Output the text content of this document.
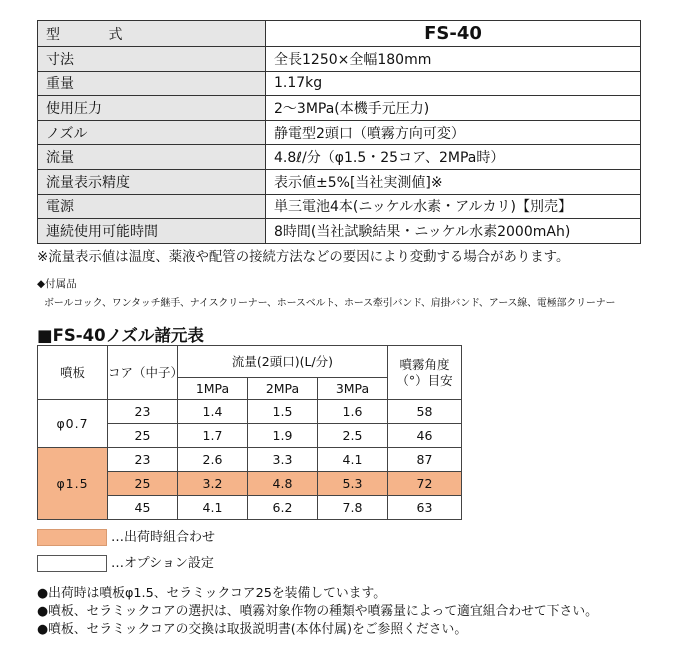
型 式	FS-40
寸法	全長1250×全幅180mm
重量	1.17kg
使用圧力	2～3MPa(本機手元圧力)
ノズル	静電型2頭口（噴霧方向可変）
流量	4.8ℓ/分（φ1.5・25コア、2MPa時）
流量表示精度	表示値±5%[当社実測値]※
電源	単三電池4本(ニッケル水素・アルカリ)【別売】
連続使用可能時間	8時間(当社試験結果・ニッケル水素2000mAh)
※流量表示値は温度、薬液や配管の接続方法などの要因により変動する場合があります。
◆付属品
ボールコック、ワンタッチ継手、ナイスクリーナー、ホースベルト、ホース牽引バンド、肩掛バンド、アース線、電極部クリーナー
■FS-40ノズル諸元表
噴板	コア（中子）	流量(2頭口)(L/分)			噴霧角度（°）目安
		1MPa	2MPa	3MPa	
φ0.7	23	1.4	1.5	1.6	58
	25	1.7	1.9	2.5	46
φ1.5	23	2.6	3.3	4.1	87
	25	3.2	4.8	5.3	72
	45	4.1	6.2	7.8	63
…出荷時組合わせ
…オプション設定
●出荷時は噴板φ1.5、セラミックコア25を装備しています。
●噴板、セラミックコアの選択は、噴霧対象作物の種類や噴霧量によって適宜組合わせて下さい。
●噴板、セラミックコアの交換は取扱説明書(本体付属)をご参照ください。
